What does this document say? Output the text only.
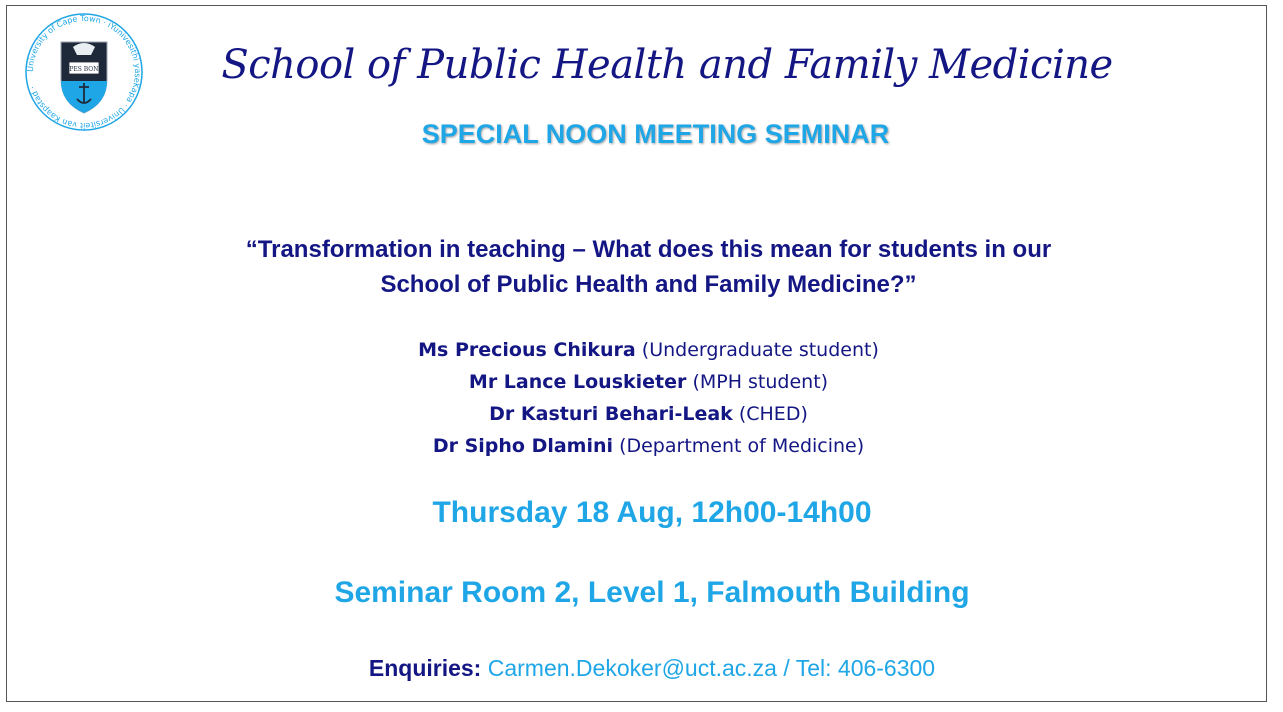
University of Cape Town · iYunivesithi yaseKapa · Universiteit van Kaapstad ·
SPES BONA	School of Public Health and Family Medicine
SPECIAL NOON MEETING SEMINAR
“Transformation in teaching – What does this mean for students in our
School of Public Health and Family Medicine?”
Ms Precious Chikura (Undergraduate student)
Mr Lance Louskieter (MPH student)
Dr Kasturi Behari-Leak (CHED)
Dr Sipho Dlamini (Department of Medicine)
Thursday 18 Aug, 12h00-14h00
Seminar Room 2, Level 1, Falmouth Building
Enquiries: Carmen.Dekoker@uct.ac.za / Tel: 406-6300
